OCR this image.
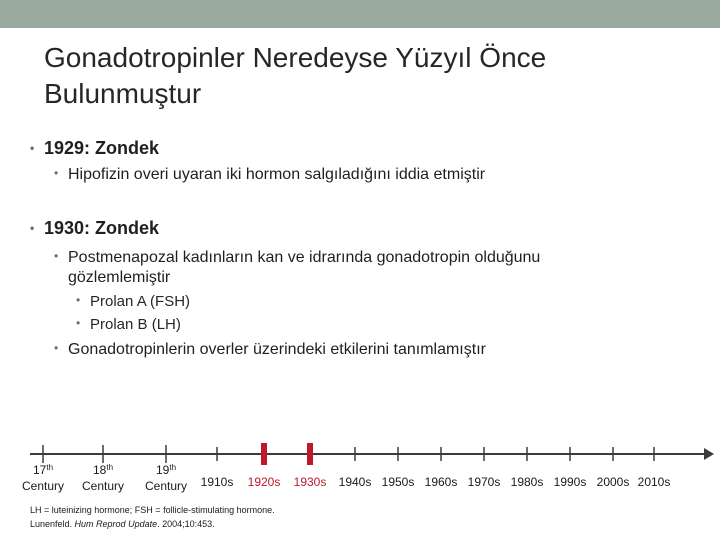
Gonadotropinler Neredeyse Yüzyıl Önce
Bulunmuştur
• 1929: Zondek
• Hipofizin overi uyaran iki hormon salgıladığını iddia etmiştir
• 1930: Zondek
• Postmenapozal kadınların kan ve idrarında gonadotropin olduğunu
gözlemlemiştir
• Prolan A (FSH)
• Prolan B (LH)
• Gonadotropinlerin overler üzerindeki etkilerini tanımlamıştır
17th
Century
18th
Century
19th
Century 1910s 1920s 1930s 1940s 1950s 1960s 1970s 1980s 1990s 2000s 2010s
LH = luteinizing hormone; FSH = follicle-stimulating hormone.
Lunenfeld. Hum Reprod Update. 2004;10:453.
